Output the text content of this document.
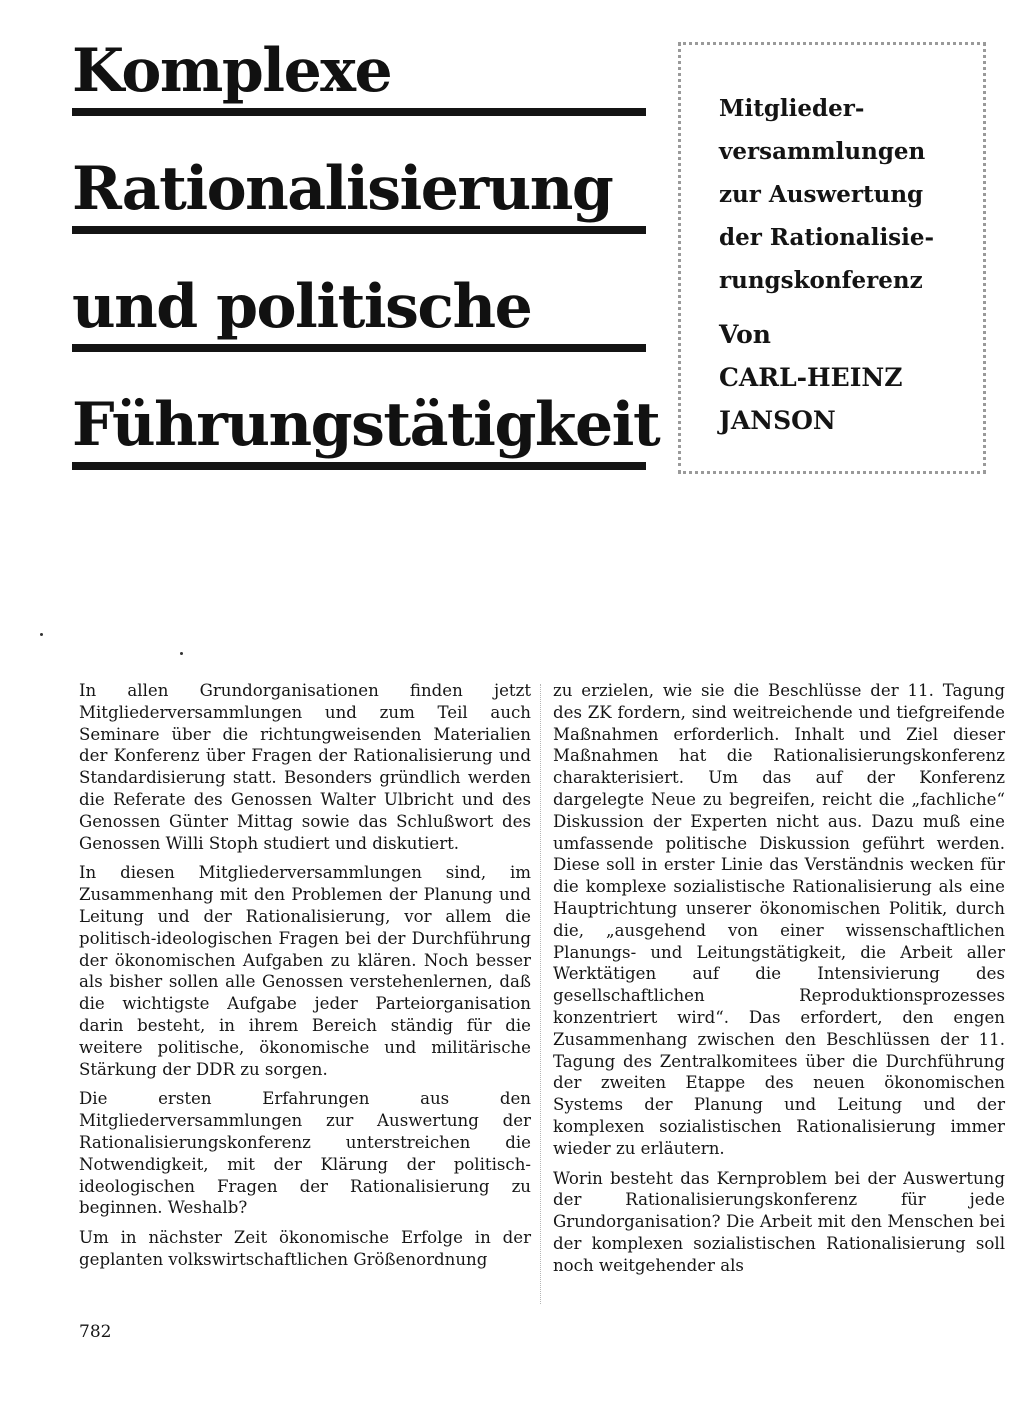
Komplexe
Rationalisierung
und politische
Führungstätigkeit
Mitglieder-
versammlungen
zur Auswertung
der Rationalisie-
rungskonferenz
Von
CARL-HEINZ
JANSON

In allen Grundorganisationen finden jetzt Mitgliederversammlungen und zum Teil auch Seminare über die richtungweisenden Materialien der Konferenz über Fragen der Rationalisierung und Standardisierung statt. Besonders gründlich werden die Referate des Genossen Walter Ulbricht und des Genossen Günter Mittag sowie das Schlußwort des Genossen Willi Stoph studiert und diskutiert.

In diesen Mitgliederversammlungen sind, im Zusammenhang mit den Problemen der Planung und Leitung und der Rationalisierung, vor allem die politisch-ideologischen Fragen bei der Durchführung der ökonomischen Aufgaben zu klären. Noch besser als bisher sollen alle Genossen verstehenlernen, daß die wichtigste Aufgabe jeder Parteiorganisation darin besteht, in ihrem Bereich ständig für die weitere politische, ökonomische und militärische Stärkung der DDR zu sorgen.

Die ersten Erfahrungen aus den Mitgliederversammlungen zur Auswertung der Rationalisierungskonferenz unterstreichen die Notwendigkeit, mit der Klärung der politisch-ideologischen Fragen der Rationalisierung zu beginnen. Weshalb?

Um in nächster Zeit ökonomische Erfolge in der geplanten volkswirtschaftlichen Größenordnung

zu erzielen, wie sie die Beschlüsse der 11. Tagung des ZK fordern, sind weitreichende und tiefgreifende Maßnahmen erforderlich. Inhalt und Ziel dieser Maßnahmen hat die Rationalisierungskonferenz charakterisiert. Um das auf der Konferenz dargelegte Neue zu begreifen, reicht die „fachliche“ Diskussion der Experten nicht aus. Dazu muß eine umfassende politische Diskussion geführt werden. Diese soll in erster Linie das Verständnis wecken für die komplexe sozialistische Rationalisierung als eine Hauptrichtung unserer ökonomischen Politik, durch die, „ausgehend von einer wissenschaftlichen Planungs- und Leitungstätigkeit, die Arbeit aller Werktätigen auf die Intensivierung des gesellschaftlichen Reproduktionsprozesses konzentriert wird“. Das erfordert, den engen Zusammenhang zwischen den Beschlüssen der 11. Tagung des Zentralkomitees über die Durchführung der zweiten Etappe des neuen ökonomischen Systems der Planung und Leitung und der komplexen sozialistischen Rationalisierung immer wieder zu erläutern.

Worin besteht das Kernproblem bei der Auswertung der Rationalisierungskonferenz für jede Grundorganisation? Die Arbeit mit den Menschen bei der komplexen sozialistischen Rationalisierung soll noch weitgehender als

782
